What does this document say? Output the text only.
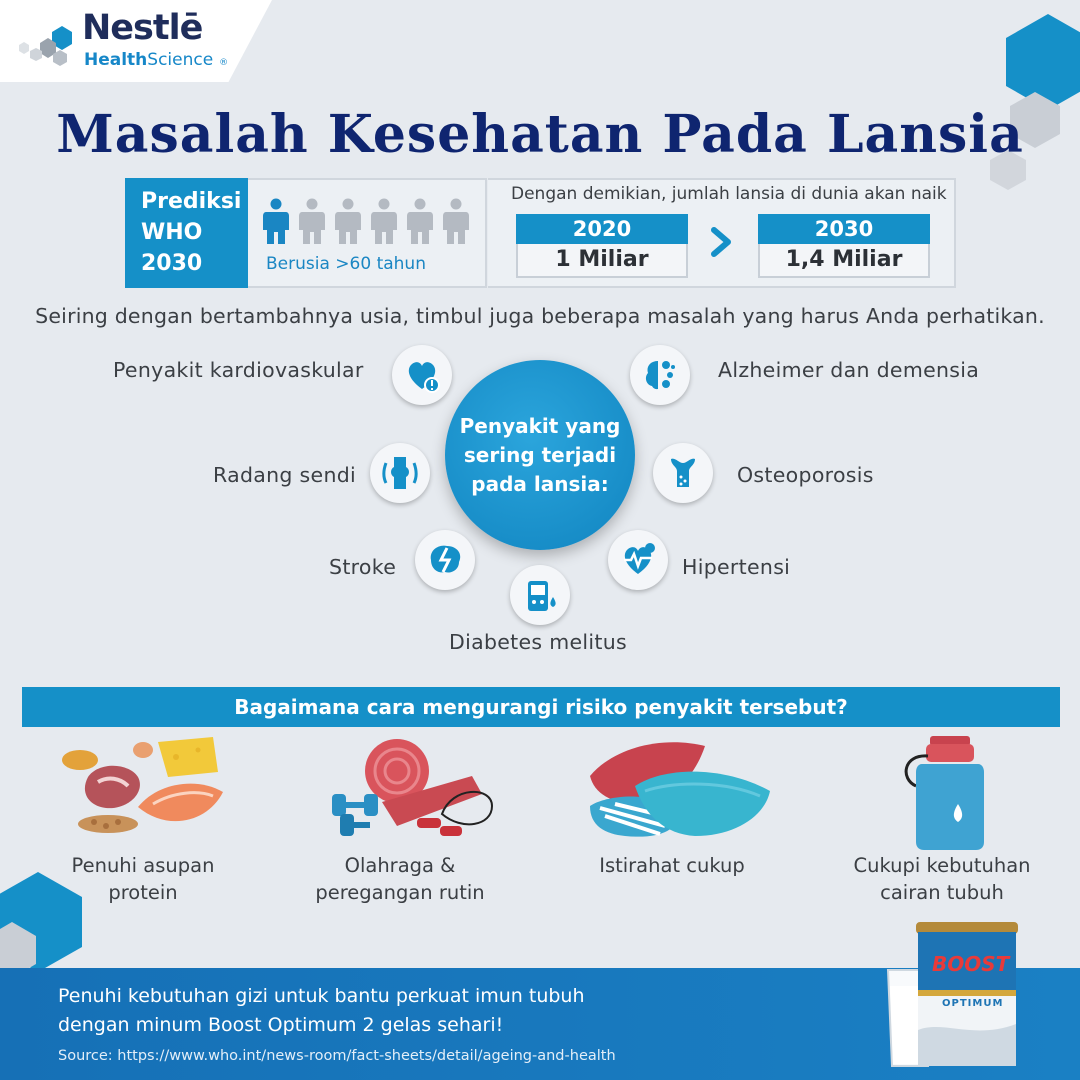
Nestlē
HealthScience ®
Masalah Kesehatan Pada Lansia
Prediksi
WHO
2030	Berusia >60 tahun
Dengan demikian, jumlah lansia di dunia akan naik
2020
1 Miliar
2030
1,4 Miliar
Seiring dengan bertambahnya usia, timbul juga beberapa masalah yang harus Anda perhatikan.
Penyakit yang sering terjadi pada lansia:
Penyakit kardiovaskular	Alzheimer dan demensia
Radang sendi	Osteoporosis
Stroke	Hipertensi
Diabetes melitus
Bagaimana cara mengurangi risiko penyakit tersebut?
Penuhi asupan
protein
Olahraga &
peregangan rutin
Istirahat cukup	Cukupi kebutuhan
cairan tubuh
Penuhi kebutuhan gizi untuk bantu perkuat imun tubuh
dengan minum Boost Optimum 2 gelas sehari!
Source: https://www.who.int/news-room/fact-sheets/detail/ageing-and-health
BOOST
OPTIMUM
